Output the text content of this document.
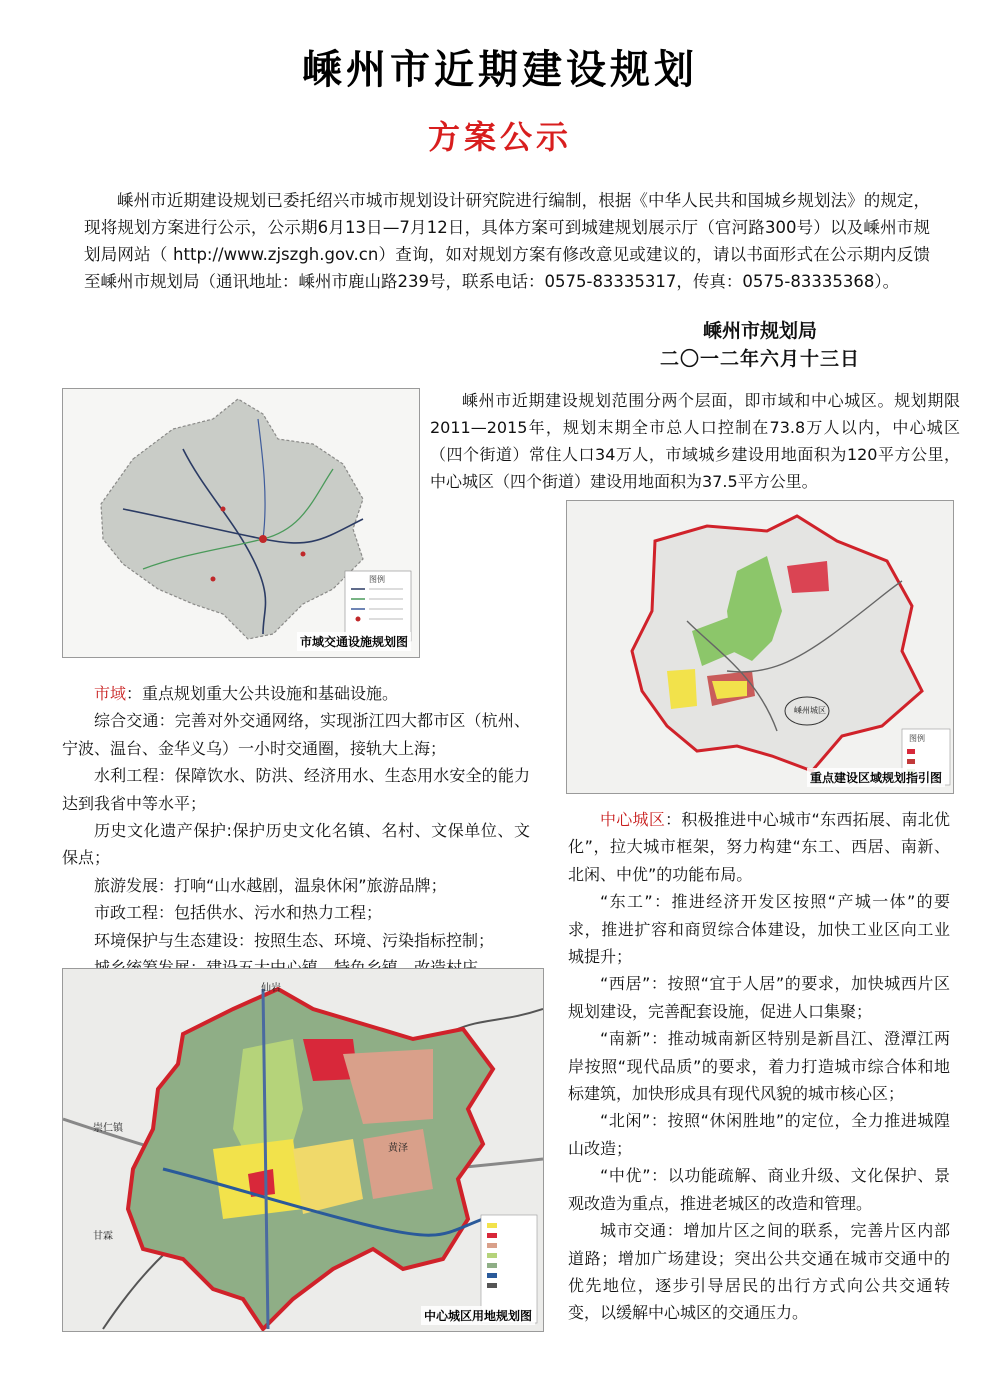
嵊州市近期建设规划
方案公示

嵊州市近期建设规划已委托绍兴市城市规划设计研究院进行编制，根据《中华人民共和国城乡规划法》的规定，现将规划方案进行公示，公示期6月13日—7月12日，具体方案可到城建规划展示厅（官河路300号）以及嵊州市规划局网站（ http://www.zjszgh.gov.cn）查询，如对规划方案有修改意见或建议的，请以书面形式在公示期内反馈至嵊州市规划局（通讯地址：嵊州市鹿山路239号，联系电话：0575-83335317，传真：0575-83335368）。

嵊州市规划局
二〇一二年六月十三日
图例
市域交通设施规划图

嵊州市近期建设规划范围分两个层面，即市域和中心城区。规划期限2011—2015年，规划末期全市总人口控制在73.8万人以内，中心城区（四个街道）常住人口34万人，市域城乡建设用地面积为120平方公里，中心城区（四个街道）建设用地面积为37.5平方公里。

图例
嵊州城区
重点建设区域规划指引图

市域：重点规划重大公共设施和基础设施。

综合交通：完善对外交通网络，实现浙江四大都市区（杭州、宁波、温台、金华义乌）一小时交通圈，接轨大上海；

水利工程：保障饮水、防洪、经济用水、生态用水安全的能力达到我省中等水平；

历史文化遗产保护:保护历史文化名镇、名村、文保单位、文保点；

旅游发展：打响“山水越剧，温泉休闲”旅游品牌；

市政工程：包括供水、污水和热力工程；

环境保护与生态建设：按照生态、环境、污染指标控制；

仙岩
崇仁镇
甘霖
黄泽
中心城区用地规划图

中心城区：积极推进中心城市“东西拓展、南北优化”，拉大城市框架，努力构建“东工、西居、南新、北闲、中优”的功能布局。

“东工”：推进经济开发区按照“产城一体”的要求，推进扩容和商贸综合体建设，加快工业区向工业城提升；

“西居”：按照“宜于人居”的要求，加快城西片区规划建设，完善配套设施，促进人口集聚；

“南新”：推动城南新区特别是新昌江、澄潭江两岸按照“现代品质”的要求，着力打造城市综合体和地标建筑，加快形成具有现代风貌的城市核心区；

“北闲”：按照“休闲胜地”的定位，全力推进城隍山改造；

“中优”：以功能疏解、商业升级、文化保护、景观改造为重点，推进老城区的改造和管理。

城市交通：增加片区之间的联系，完善片区内部道路；增加广场建设；突出公共交通在城市交通中的优先地位，逐步引导居民的出行方式向公共交通转变，以缓解中心城区的交通压力。
